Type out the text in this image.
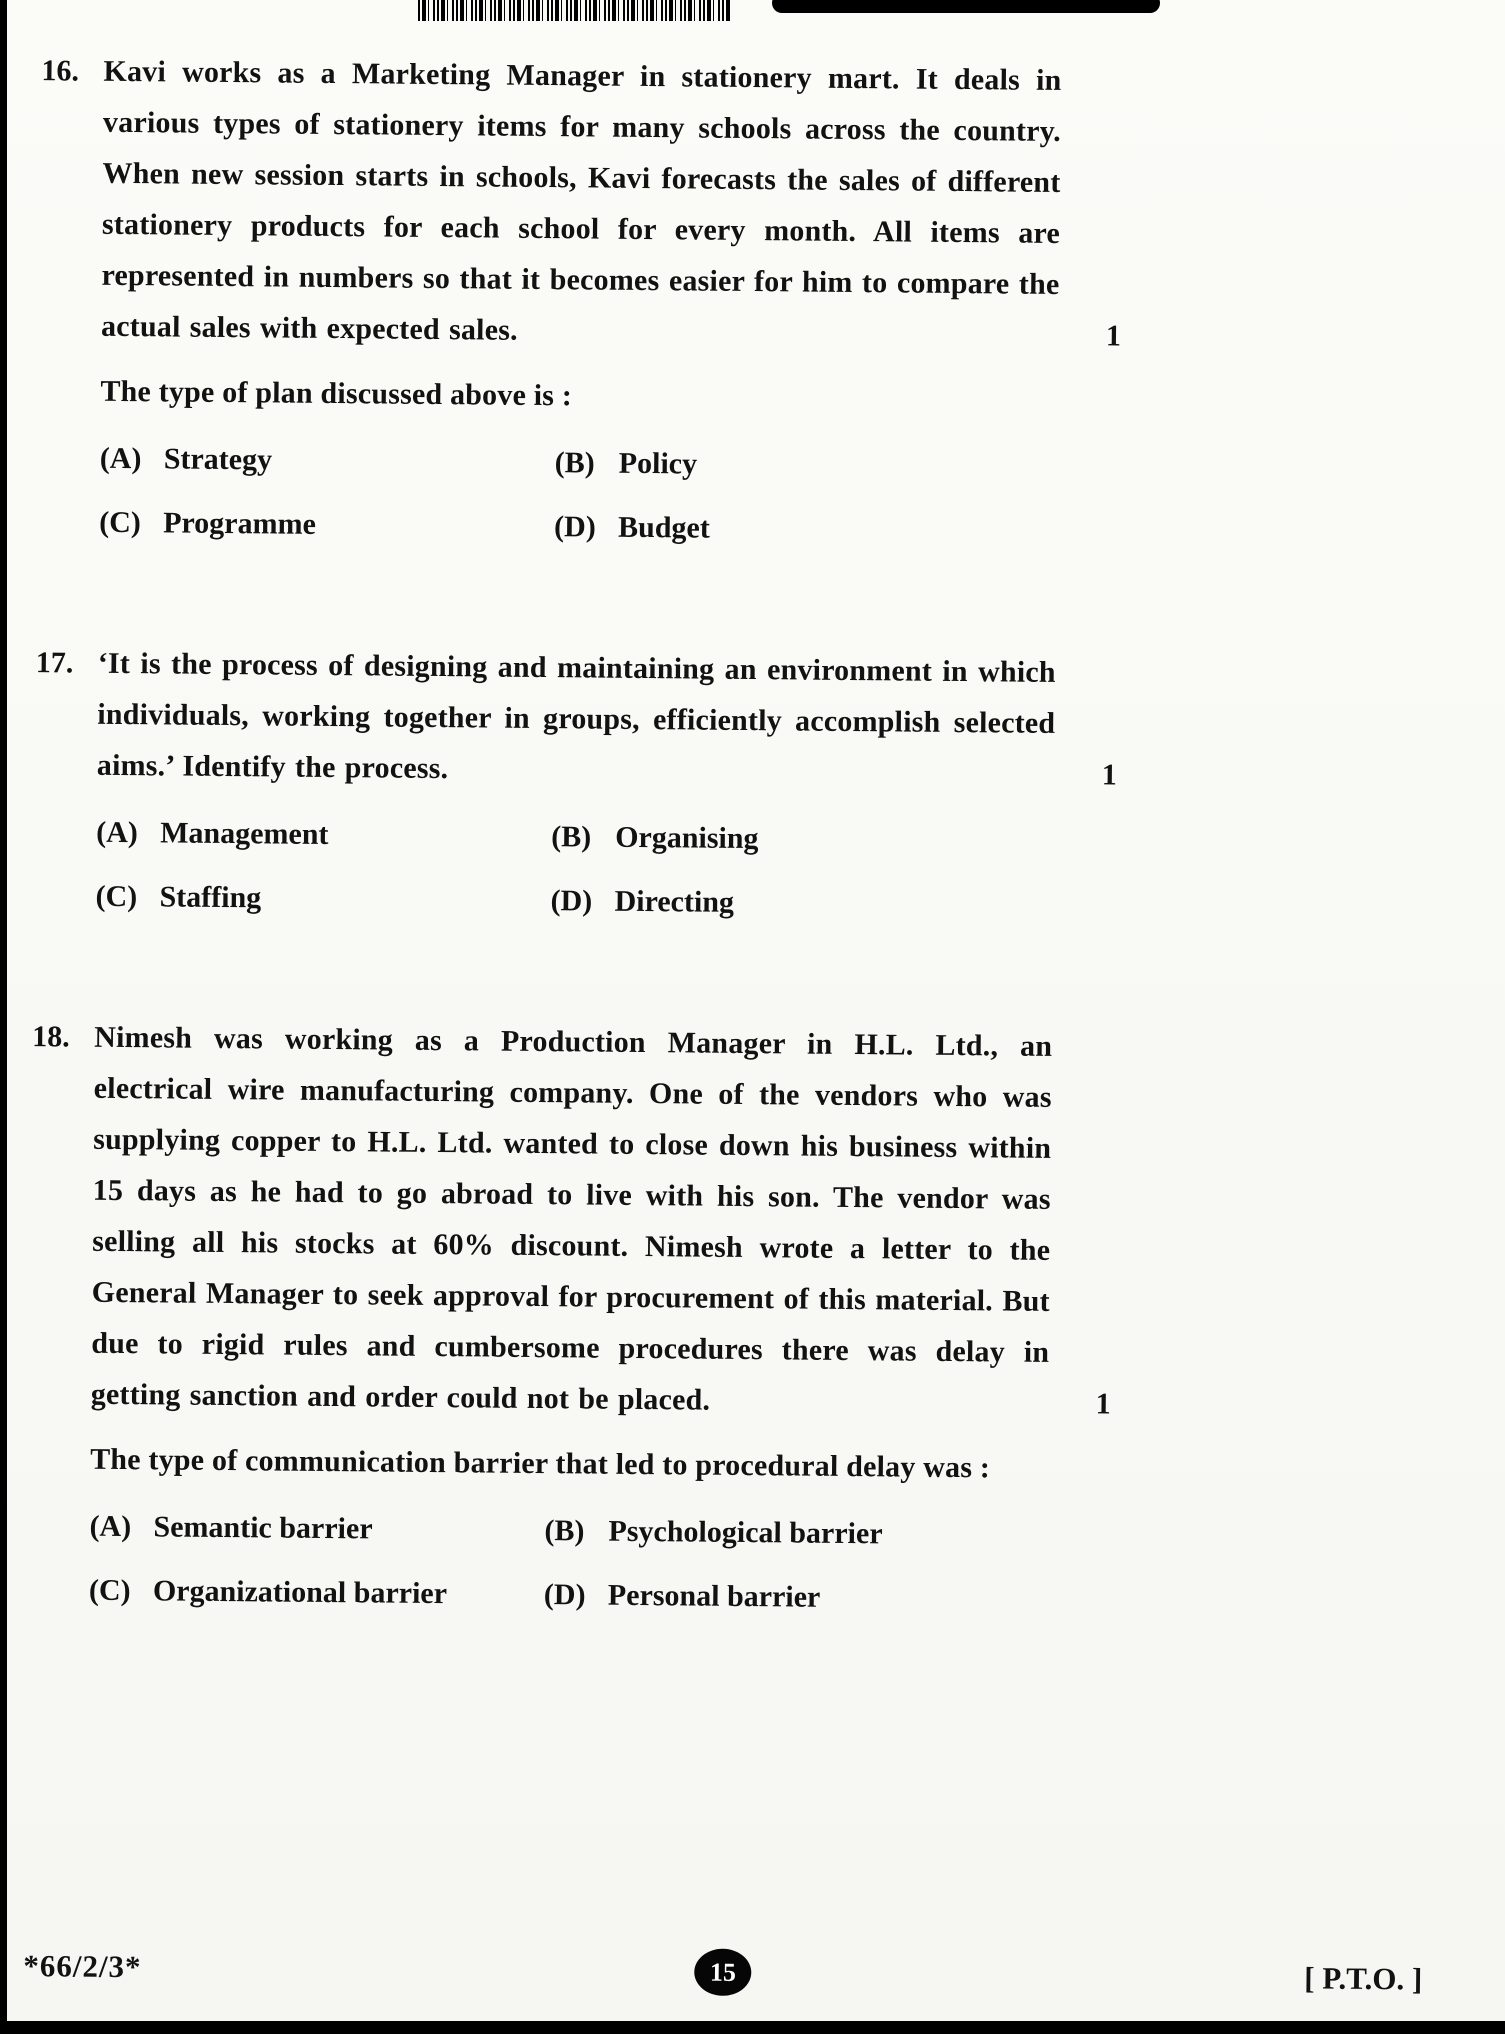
16. Kavi works as a Marketing Manager in stationery mart. It deals in various types of stationery items for many schools across the country. When new session starts in schools, Kavi forecasts the sales of different stationery products for each school for every month. All items are represented in numbers so that it becomes easier for him to compare the actual sales with expected sales.	1
The type of plan discussed above is :
(A) Strategy	(B) Policy
(C) Programme	(D) Budget
17. ‘It is the process of designing and maintaining an environment in which individuals, working together in groups, efficiently accomplish selected aims.’ Identify the process.	1
(A) Management	(B) Organising
(C) Staffing	(D) Directing
18. Nimesh was working as a Production Manager in H.L. Ltd., an electrical wire manufacturing company. One of the vendors who was supplying copper to H.L. Ltd. wanted to close down his business within 15 days as he had to go abroad to live with his son. The vendor was selling all his stocks at 60% discount. Nimesh wrote a letter to the General Manager to seek approval for procurement of this material. But due to rigid rules and cumbersome procedures there was delay in getting sanction and order could not be placed.	1
The type of communication barrier that led to procedural delay was :
(A) Semantic barrier	(B) Psychological barrier
(C) Organizational barrier	(D) Personal barrier
*66/2/3*	15	[ P.T.O. ]
